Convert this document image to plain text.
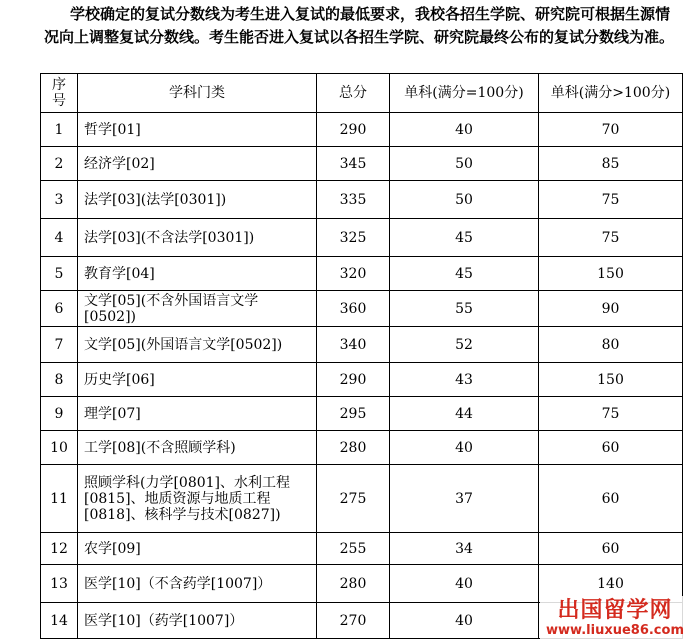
学校确定的复试分数线为考生进入复试的最低要求，我校各招生学院、研究院可根据生源情况向上调整复试分数线。考生能否进入复试以各招生学院、研究院最终公布的复试分数线为准。
序号	学科门类	总分	单科(满分=100分)	单科(满分>100分)
1	哲学[01]	290	40	70
2	经济学[02]	345	50	85
3	法学[03](法学[0301])	335	50	75
4	法学[03](不含法学[0301])	325	45	75
5	教育学[04]	320	45	150
6	文学[05](不含外国语言文学[0502])	360	55	90
7	文学[05](外国语言文学[0502])	340	52	80
8	历史学[06]	290	43	150
9	理学[07]	295	44	75
10	工学[08](不含照顾学科)	280	40	60
11	照顾学科(力学[0801]、水利工程[0815]、地质资源与地质工程[0818]、核科学与技术[0827])	275	37	60
12	农学[09]	255	34	60
13	医学[10]（不含药学[1007]）	280	40	140
14	医学[10]（药学[1007]）	270	40		出国留学网
www.liuxue86.com
